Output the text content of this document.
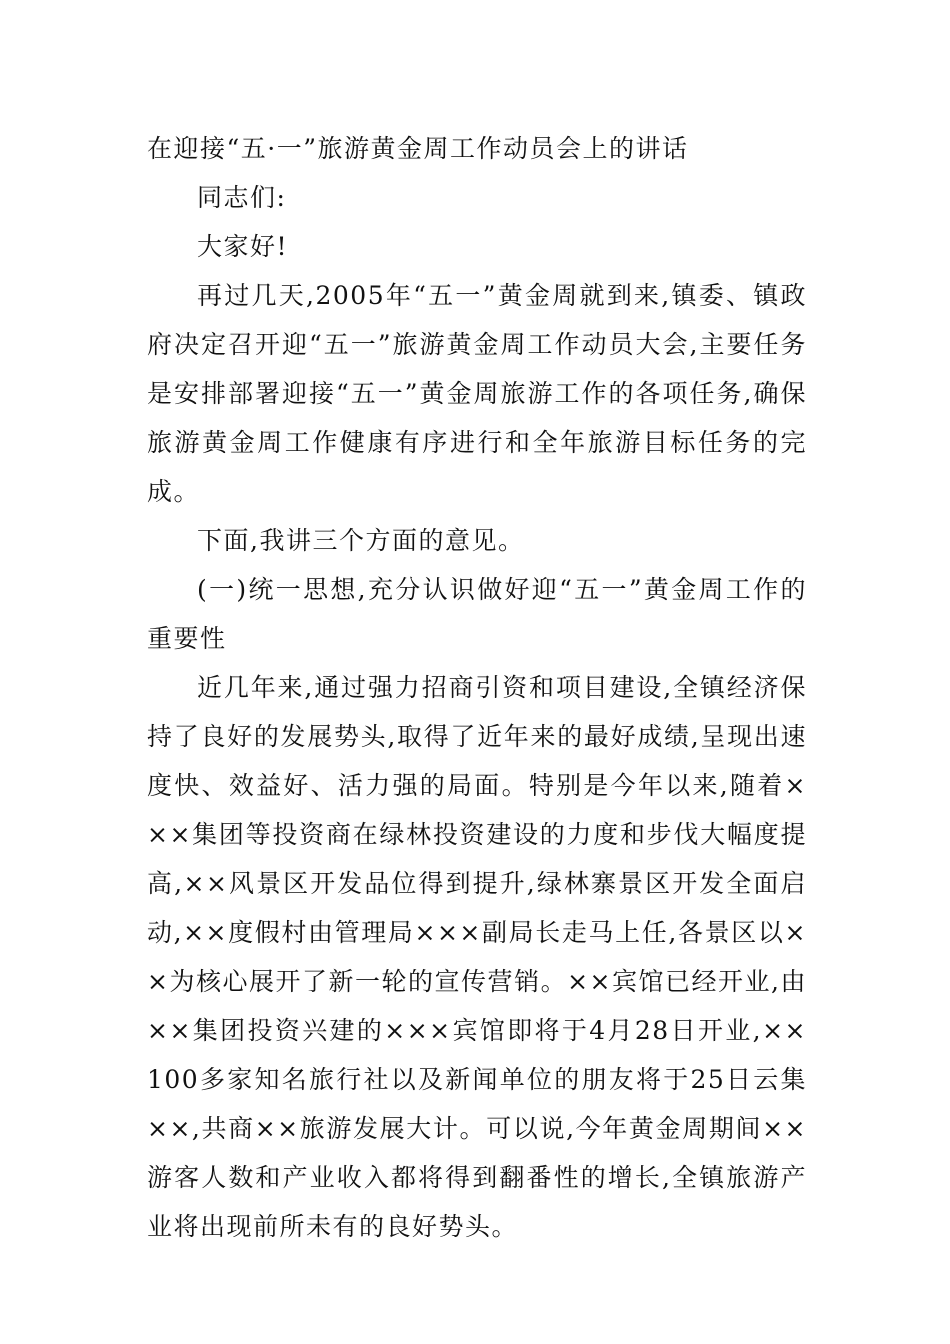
在迎接“五·一”旅游黄金周工作动员会上的讲话

同志们:

大家好!

再过几天,2005年“五一”黄金周就到来,镇委、镇政府决定召开迎“五一”旅游黄金周工作动员大会,主要任务是安排部署迎接“五一”黄金周旅游工作的各项任务,确保旅游黄金周工作健康有序进行和全年旅游目标任务的完成。

下面,我讲三个方面的意见。

(一)统一思想,充分认识做好迎“五一”黄金周工作的重要性

近几年来,通过强力招商引资和项目建设,全镇经济保持了良好的发展势头,取得了近年来的最好成绩,呈现出速度快、效益好、活力强的局面。特别是今年以来,随着×××集团等投资商在绿林投资建设的力度和步伐大幅度提高,××风景区开发品位得到提升,绿林寨景区开发全面启动,××度假村由管理局×××副局长走马上任,各景区以××为核心展开了新一轮的宣传营销。××宾馆已经开业,由××集团投资兴建的×××宾馆即将于4月28日开业,××100多家知名旅行社以及新闻单位的朋友将于25日云集××,共商××旅游发展大计。可以说,今年黄金周期间××游客人数和产业收入都将得到翻番性的增长,全镇旅游产业将出现前所未有的良好势头。
